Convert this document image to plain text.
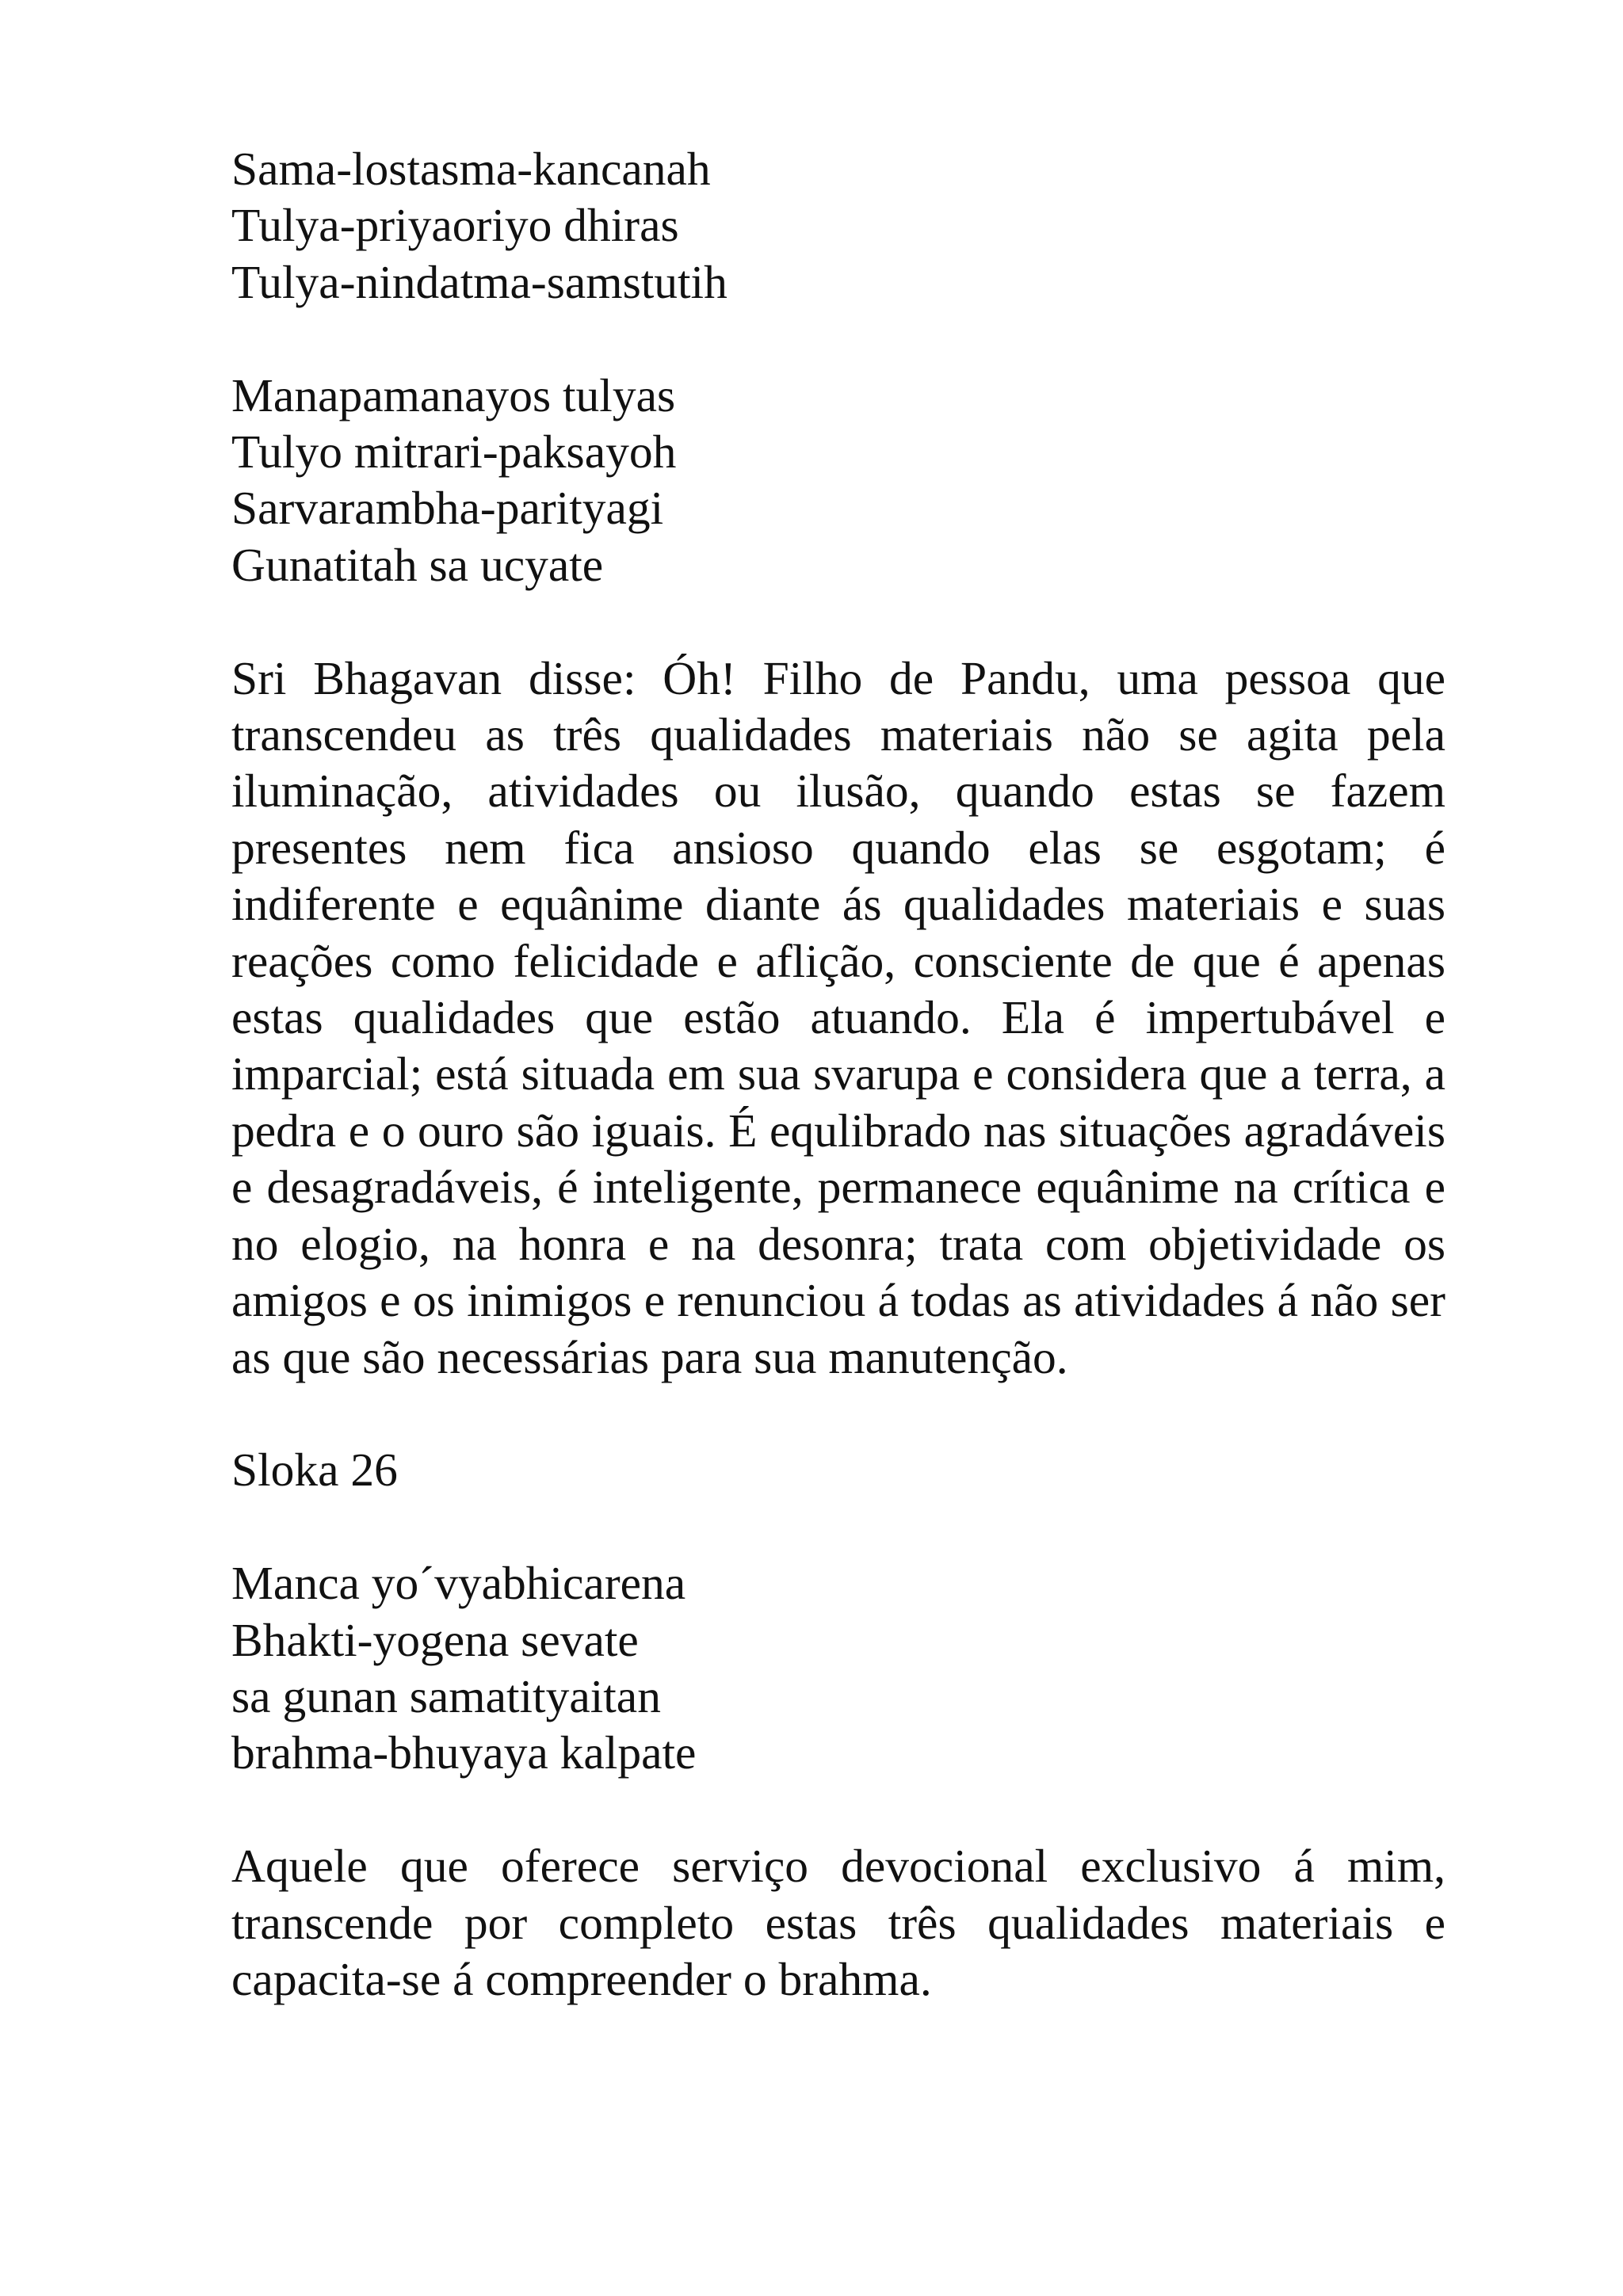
Sama-lostasma-kancanah
Tulya-priyaoriyo dhiras
Tulya-nindatma-samstutih
Manapamanayos tulyas
Tulyo mitrari-paksayoh
Sarvarambha-parityagi
Gunatitah sa ucyate

Sri Bhagavan disse: Óh! Filho de Pandu, uma pessoa que transcendeu as três qualidades materiais não se agita pela iluminação, atividades ou ilusão, quando estas se fazem presentes nem fica ansioso quando elas se esgotam; é indiferente e equânime diante ás qualidades materiais e suas reações como felicidade e aflição, consciente de que é apenas estas qualidades que estão atuando. Ela é impertubável e imparcial; está situada em sua svarupa e considera que a terra, a pedra e o ouro são iguais. É equlibrado nas situações agradáveis e desagradáveis, é inteligente, permanece equânime na crítica e no elogio, na honra e na desonra; trata com objetividade os amigos e os inimigos e renunciou á todas as atividades á não ser as que são necessárias para sua manutenção.

Sloka 26

Manca yo´vyabhicarena
Bhakti-yogena sevate
sa gunan samatityaitan
brahma-bhuyaya kalpate

Aquele que oferece serviço devocional exclusivo á mim, transcende por completo estas três qualidades materiais e capacita-se á compreender o brahma.
